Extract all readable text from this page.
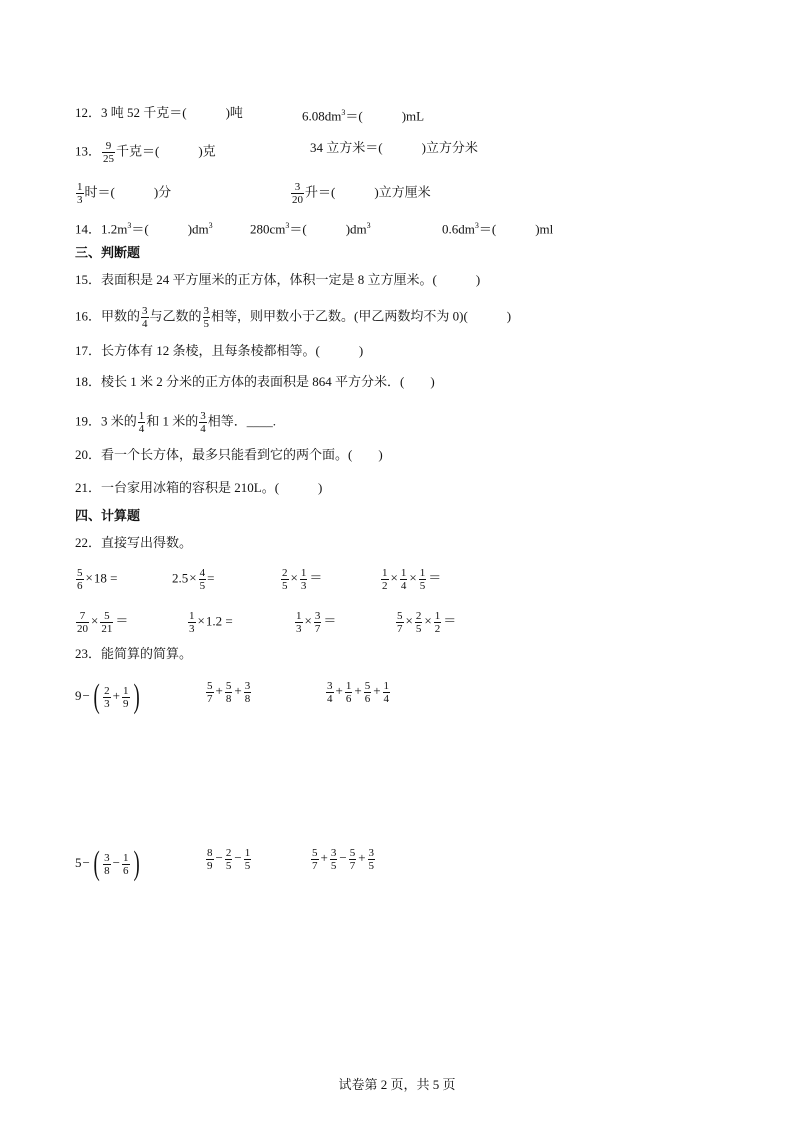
12．3 吨 52 千克＝(　　　)吨	$6.08dm^3=$(　　　)mL
13． $\frac{9}{25}$ 千克＝(　　　)克	34 立方米＝(　　　)立方分米
$\frac{1}{3}$ 时＝(　　　)分	$\frac{3}{20}$ 升＝(　　　)立方厘米
14．$1.2m^3=$(　　　)$dm^3$	$280cm^3=$(　　　)$dm^3$	$0.6dm^3=$(　　　)ml
三、判断题
15．表面积是 24 平方厘米的正方体，体积一定是 8 立方厘米。(　　　)
16．甲数的 $\frac{3}{4}$ 与乙数的 $\frac{3}{5}$ 相等，则甲数小于乙数。(甲乙两数均不为 0)(　　　)
17．长方体有 12 条棱，且每条棱都相等。(　　　)
18．棱长 1 米 2 分米的正方体的表面积是 864 平方分米．(　　)
19．3 米的 $\frac{1}{4}$ 和 1 米的 $\frac{3}{4}$ 相等．____.
20．看一个长方体，最多只能看到它的两个面。(　　)
21．一台家用冰箱的容积是 210L。(　　　)
四、计算题
22．直接写出得数。
$\frac{5}{6} \times 18$ =	$2.5\times \frac{4}{5}$ =	$\frac{2}{5} \times \frac{1}{3}$ ＝	$\frac{1}{2} \times \frac{1}{4} \times \frac{1}{5}$ ＝
$\frac{7}{20} \times \frac{5}{21}$ ＝	$\frac{1}{3} \times 1.2$ =	$\frac{1}{3} \times \frac{3}{7}$ ＝	$\frac{5}{7} \times \frac{2}{5} \times \frac{1}{2}$ ＝
23．能简算的简算。
9− ( $\frac{2}{3} + \frac{1}{9}$ )	$\frac{5}{7} + \frac{5}{8} + \frac{3}{8}$	$\frac{3}{4} + \frac{1}{6} + \frac{5}{6} + \frac{1}{4}$
5− ( $\frac{3}{8} - \frac{1}{6}$ )	$\frac{8}{9} - \frac{2}{5} - \frac{1}{5}$	$\frac{5}{7} + \frac{3}{5} - \frac{5}{7} + \frac{3}{5}$
试卷第 2 页，共 5 页
